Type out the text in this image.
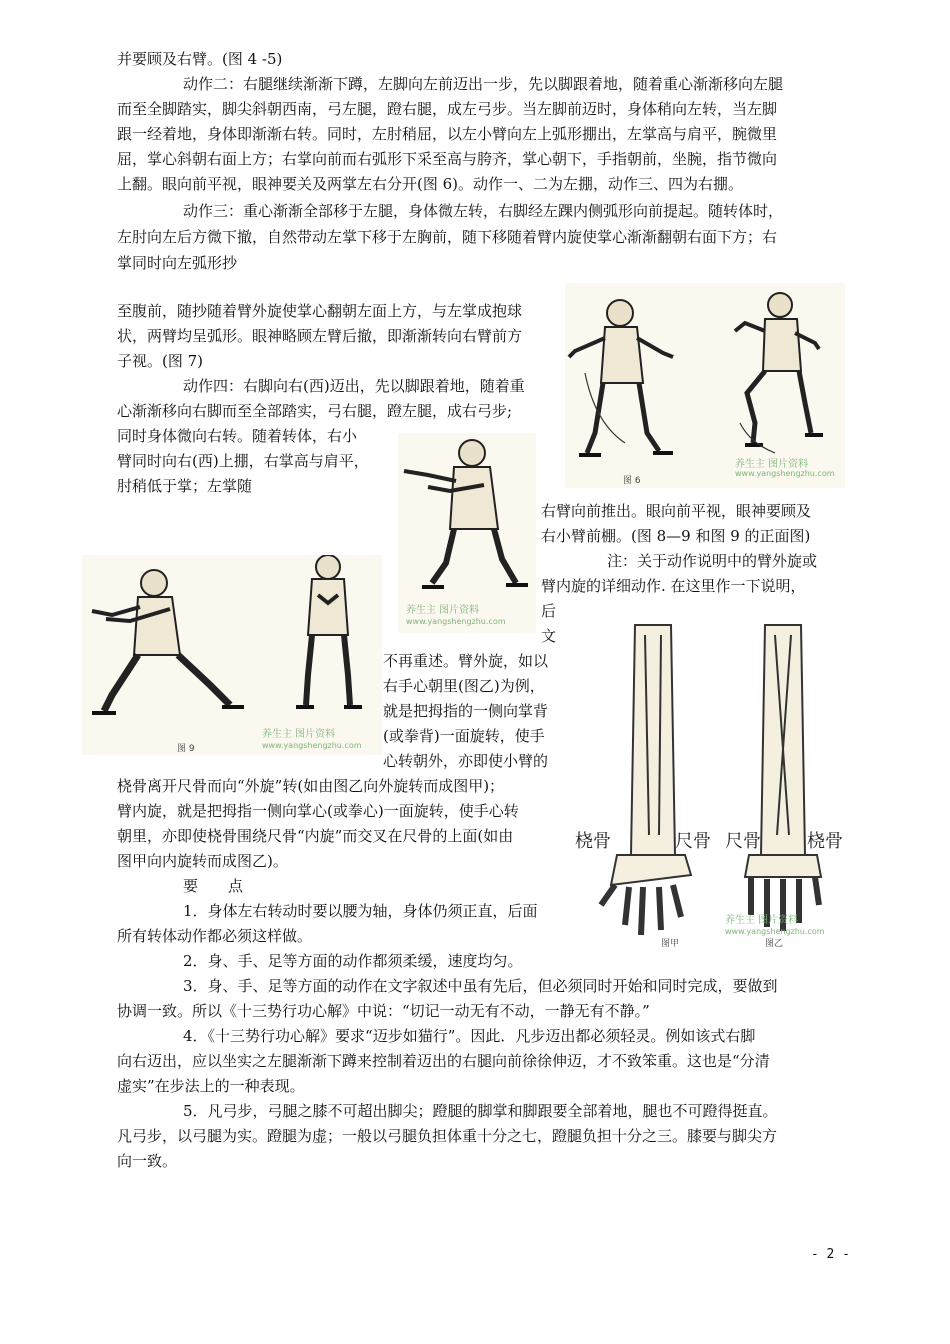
并要顾及右臂。(图 4 -5)
动作二：右腿继续渐渐下蹲，左脚向左前迈出一步，先以脚跟着地，随着重心渐渐移向左腿
而至全脚踏实，脚尖斜朝西南，弓左腿，蹬右腿，成左弓步。当左脚前迈时，身体稍向左转，当左脚
跟一经着地，身体即渐渐右转。同时，左肘稍屈，以左小臂向左上弧形掤出，左掌高与肩平，腕微里
屈，掌心斜朝右面上方；右掌向前而右弧形下采至高与胯齐，掌心朝下，手指朝前，坐腕，指节微向
上翻。眼向前平视，眼神要关及两掌左右分开(图 6)。动作一、二为左掤，动作三、四为右掤。
动作三：重心渐渐全部移于左腿，身体微左转，右脚经左踝内侧弧形向前提起。随转体时，
左肘向左后方微下撤，自然带动左掌下移于左胸前，随下移随着臂内旋使掌心渐渐翻朝右面下方；右
掌同时向左弧形抄
至腹前，随抄随着臂外旋使掌心翻朝左面上方，与左掌成抱球
状，两臂均呈弧形。眼神略顾左臂后撤，即渐渐转向右臂前方
子视。(图 7)
动作四：右脚向右(西)迈出，先以脚跟着地，随着重
心渐渐移向右脚而至全部踏实，弓右腿，蹬左腿，成右弓步;
同时身体微向右转。随着转体，右小
臂同时向右(西)上掤，右掌高与肩平，
肘稍低于掌；左掌随
右臂向前推出。眼向前平视，眼神要顾及
右小臂前棚。(图 8—9 和图 9 的正面图)
注：关于动作说明中的臂外旋或
臂内旋的详细动作. 在这里作一下说明，
后
文
不再重述。臂外旋，如以
右手心朝里(图乙)为例，
就是把拇指的一侧向掌背
(或拳背)一面旋转，使手
心转朝外，亦即使小臂的
桡骨离开尺骨而向“外旋”转(如由图乙向外旋转而成图甲)；
臂内旋，就是把拇指一侧向掌心(或拳心)一面旋转，使手心转
朝里，亦即使桡骨围绕尺骨“内旋”而交叉在尺骨的上面(如由
图甲向内旋转而成图乙)。
要　　点
1．身体左右转动时要以腰为轴，身体仍须正直，后面
所有转体动作都必须这样做。
2．身、手、足等方面的动作都须柔缓，速度均匀。
3．身、手、足等方面的动作在文字叙述中虽有先后，但必须同时开始和同时完成，要做到
协调一致。所以《十三势行功心解》中说：“切记一动无有不动，一静无有不静。”
4．《十三势行功心解》要求“迈步如猫行”。因此．凡步迈出都必须轻灵。例如该式右脚
向右迈出，应以坐实之左腿渐渐下蹲来控制着迈出的右腿向前徐徐伸迈，才不致笨重。这也是“分清
虚实”在步法上的一种表现。
5．凡弓步，弓腿之膝不可超出脚尖；蹬腿的脚掌和脚跟要全部着地，腿也不可蹬得挺直。
凡弓步，以弓腿为实。蹬腿为虚；一般以弓腿负担体重十分之七，蹬腿负担十分之三。膝要与脚尖方
向一致。
图 6
养生主 图片资料
www.yangshengzhu.com
养生主 图片资料
www.yangshengzhu.com
图 9
养生主 图片资料
www.yangshengzhu.com
桡骨	尺骨 尺骨	桡骨
图甲	图乙
养生主 图片资料
www.yangshengzhu.com
- 2 -
